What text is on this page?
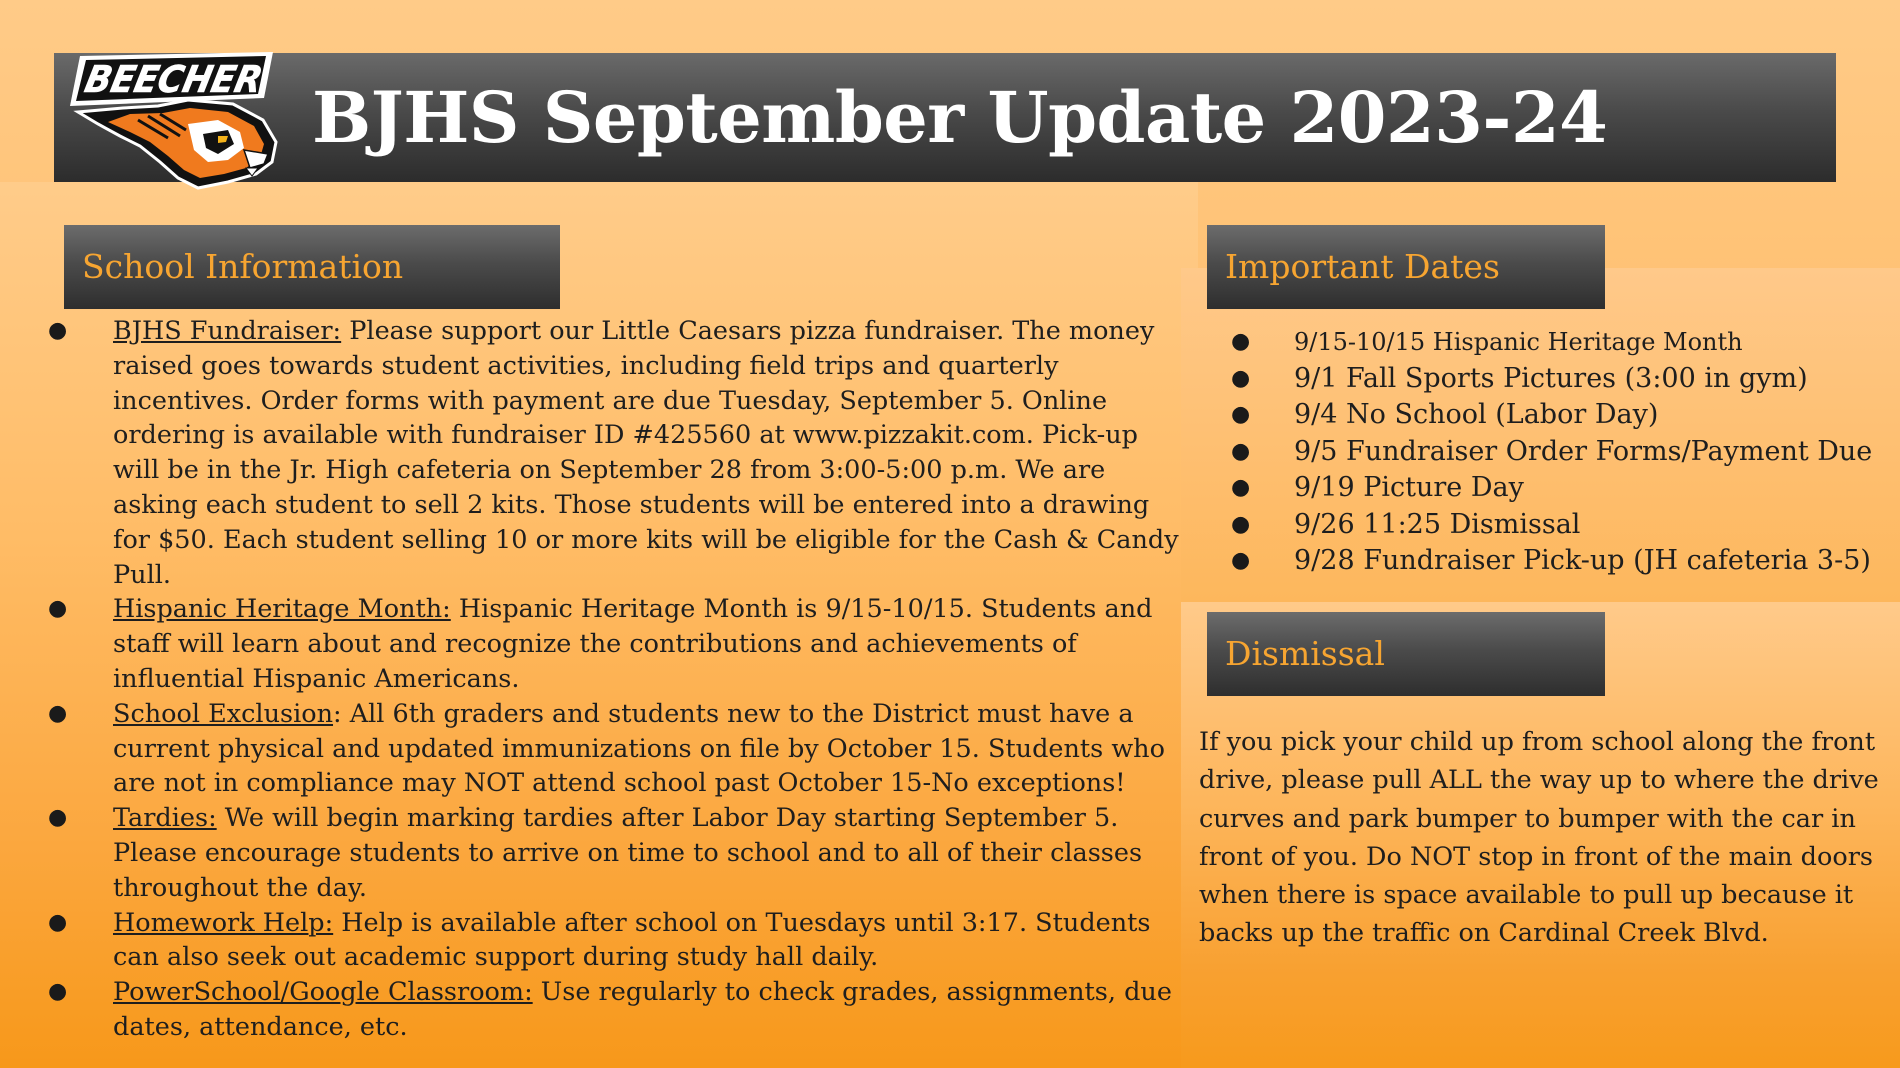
BJHS September Update 2023-24
BEECHER
School Information
● BJHS Fundraiser: Please support our Little Caesars pizza fundraiser. The money raised goes towards student activities, including field trips and quarterly incentives. Order forms with payment are due Tuesday, September 5. Online ordering is available with fundraiser ID #425560 at www.pizzakit.com. Pick-up will be in the Jr. High cafeteria on September 28 from 3:00-5:00 p.m. We are asking each student to sell 2 kits. Those students will be entered into a drawing for $50. Each student selling 10 or more kits will be eligible for the Cash & Candy Pull.
● Hispanic Heritage Month: Hispanic Heritage Month is 9/15-10/15. Students and staff will learn about and recognize the contributions and achievements of influential Hispanic Americans.
● School Exclusion: All 6th graders and students new to the District must have a current physical and updated immunizations on file by October 15. Students who are not in compliance may NOT attend school past October 15-No exceptions!
● Tardies: We will begin marking tardies after Labor Day starting September 5. Please encourage students to arrive on time to school and to all of their classes throughout the day.
● Homework Help: Help is available after school on Tuesdays until 3:17. Students can also seek out academic support during study hall daily.
● PowerSchool/Google Classroom: Use regularly to check grades, assignments, due dates, attendance, etc.
Important Dates
● 9/15-10/15 Hispanic Heritage Month
● 9/1 Fall Sports Pictures (3:00 in gym)
● 9/4 No School (Labor Day)
● 9/5 Fundraiser Order Forms/Payment Due
● 9/19 Picture Day
● 9/26 11:25 Dismissal
● 9/28 Fundraiser Pick-up (JH cafeteria 3-5)
Dismissal

If you pick your child up from school along the front drive, please pull ALL the way up to where the drive curves and park bumper to bumper with the car in front of you. Do NOT stop in front of the main doors when there is space available to pull up because it backs up the traffic on Cardinal Creek Blvd.
